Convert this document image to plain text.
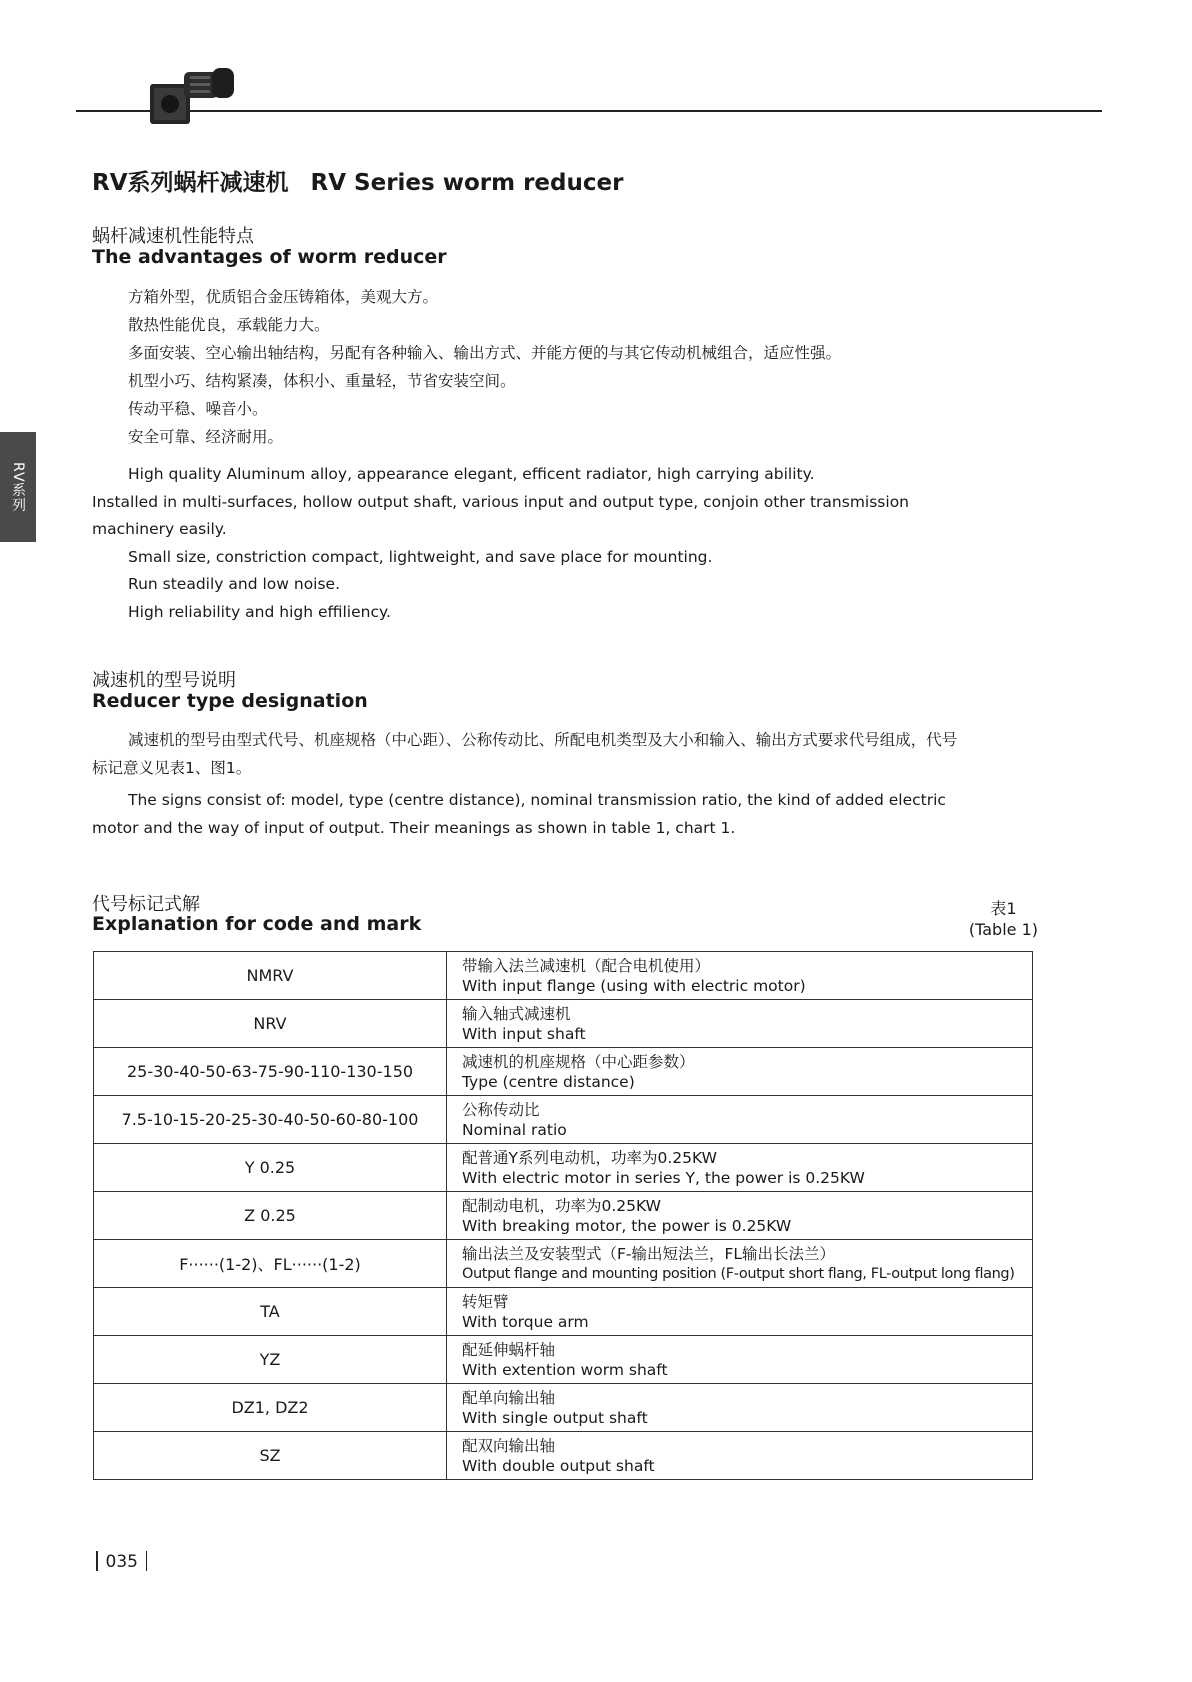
RV系列
RV系列蜗杆减速机 RV Series worm reducer
蜗杆减速机性能特点
The advantages of worm reducer
方箱外型，优质铝合金压铸箱体，美观大方。
散热性能优良，承载能力大。
多面安装、空心输出轴结构，另配有各种输入、输出方式、并能方便的与其它传动机械组合，适应性强。
机型小巧、结构紧凑，体积小、重量轻，节省安装空间。
传动平稳、噪音小。
安全可靠、经济耐用。

High quality Aluminum alloy, appearance elegant, efficent radiator, high carrying ability.

Installed in multi-surfaces, hollow output shaft, various input and output type, conjoin other transmission machinery easily.

Small size, constriction compact, lightweight, and save place for mounting.

Run steadily and low noise.

High reliability and high effiliency.

减速机的型号说明
Reducer type designation

减速机的型号由型式代号、机座规格（中心距）、公称传动比、所配电机类型及大小和输入、输出方式要求代号组成，代号标记意义见表1、图1。

The signs consist of: model, type (centre distance), nominal transmission ratio, the kind of added electric motor and the way of input of output. Their meanings as shown in table 1, chart 1.

代号标记式解
Explanation for code and mark
表1
(Table 1)
NMRV	带输入法兰减速机（配合电机使用）
With input flange (using with electric motor)

NRV	输入轴式减速机
With input shaft

25-30-40-50-63-75-90-110-130-150	减速机的机座规格（中心距参数）
Type (centre distance)

7.5-10-15-20-25-30-40-50-60-80-100	公称传动比
Nominal ratio

Y 0.25	配普通Y系列电动机，功率为0.25KW
With electric motor in series Y, the power is 0.25KW

Z 0.25	配制动电机，功率为0.25KW
With breaking motor, the power is 0.25KW

F······(1-2)、FL······(1-2)	输出法兰及安装型式（F-输出短法兰，FL输出长法兰）
Output flange and mounting position (F-output short flang, FL-output long flang)

TA	转矩臂
With torque arm

YZ	配延伸蜗杆轴
With extention worm shaft

DZ1, DZ2	配单向输出轴
With single output shaft

SZ	配双向输出轴
With double output shaft
035
